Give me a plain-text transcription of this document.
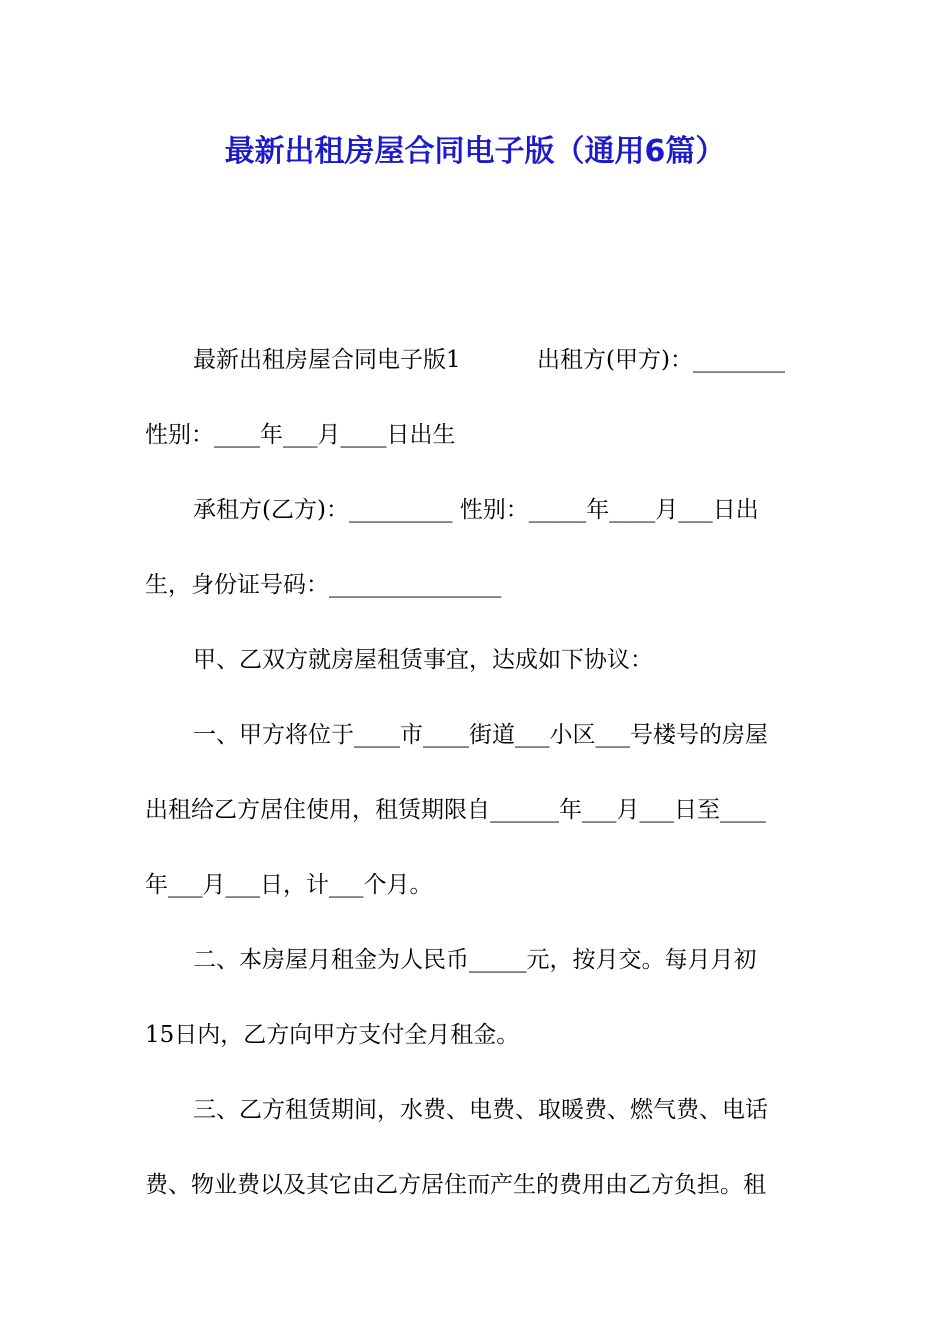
最新出租房屋合同电子版（通用6篇）
最新出租房屋合同电子版1	出租方(甲方)：________
性别：____年___月____日出生
承租方(乙方)：_________ 性别：_____年____月___日出
生，身份证号码：_______________
甲、乙双方就房屋租赁事宜，达成如下协议：
一、甲方将位于____市____街道___小区___号楼号的房屋
出租给乙方居住使用，租赁期限自______年___月___日至____
年___月___日，计___个月。
二、本房屋月租金为人民币_____元，按月交。每月月初
15日内，乙方向甲方支付全月租金。
三、乙方租赁期间，水费、电费、取暖费、燃气费、电话
费、物业费以及其它由乙方居住而产生的费用由乙方负担。租
